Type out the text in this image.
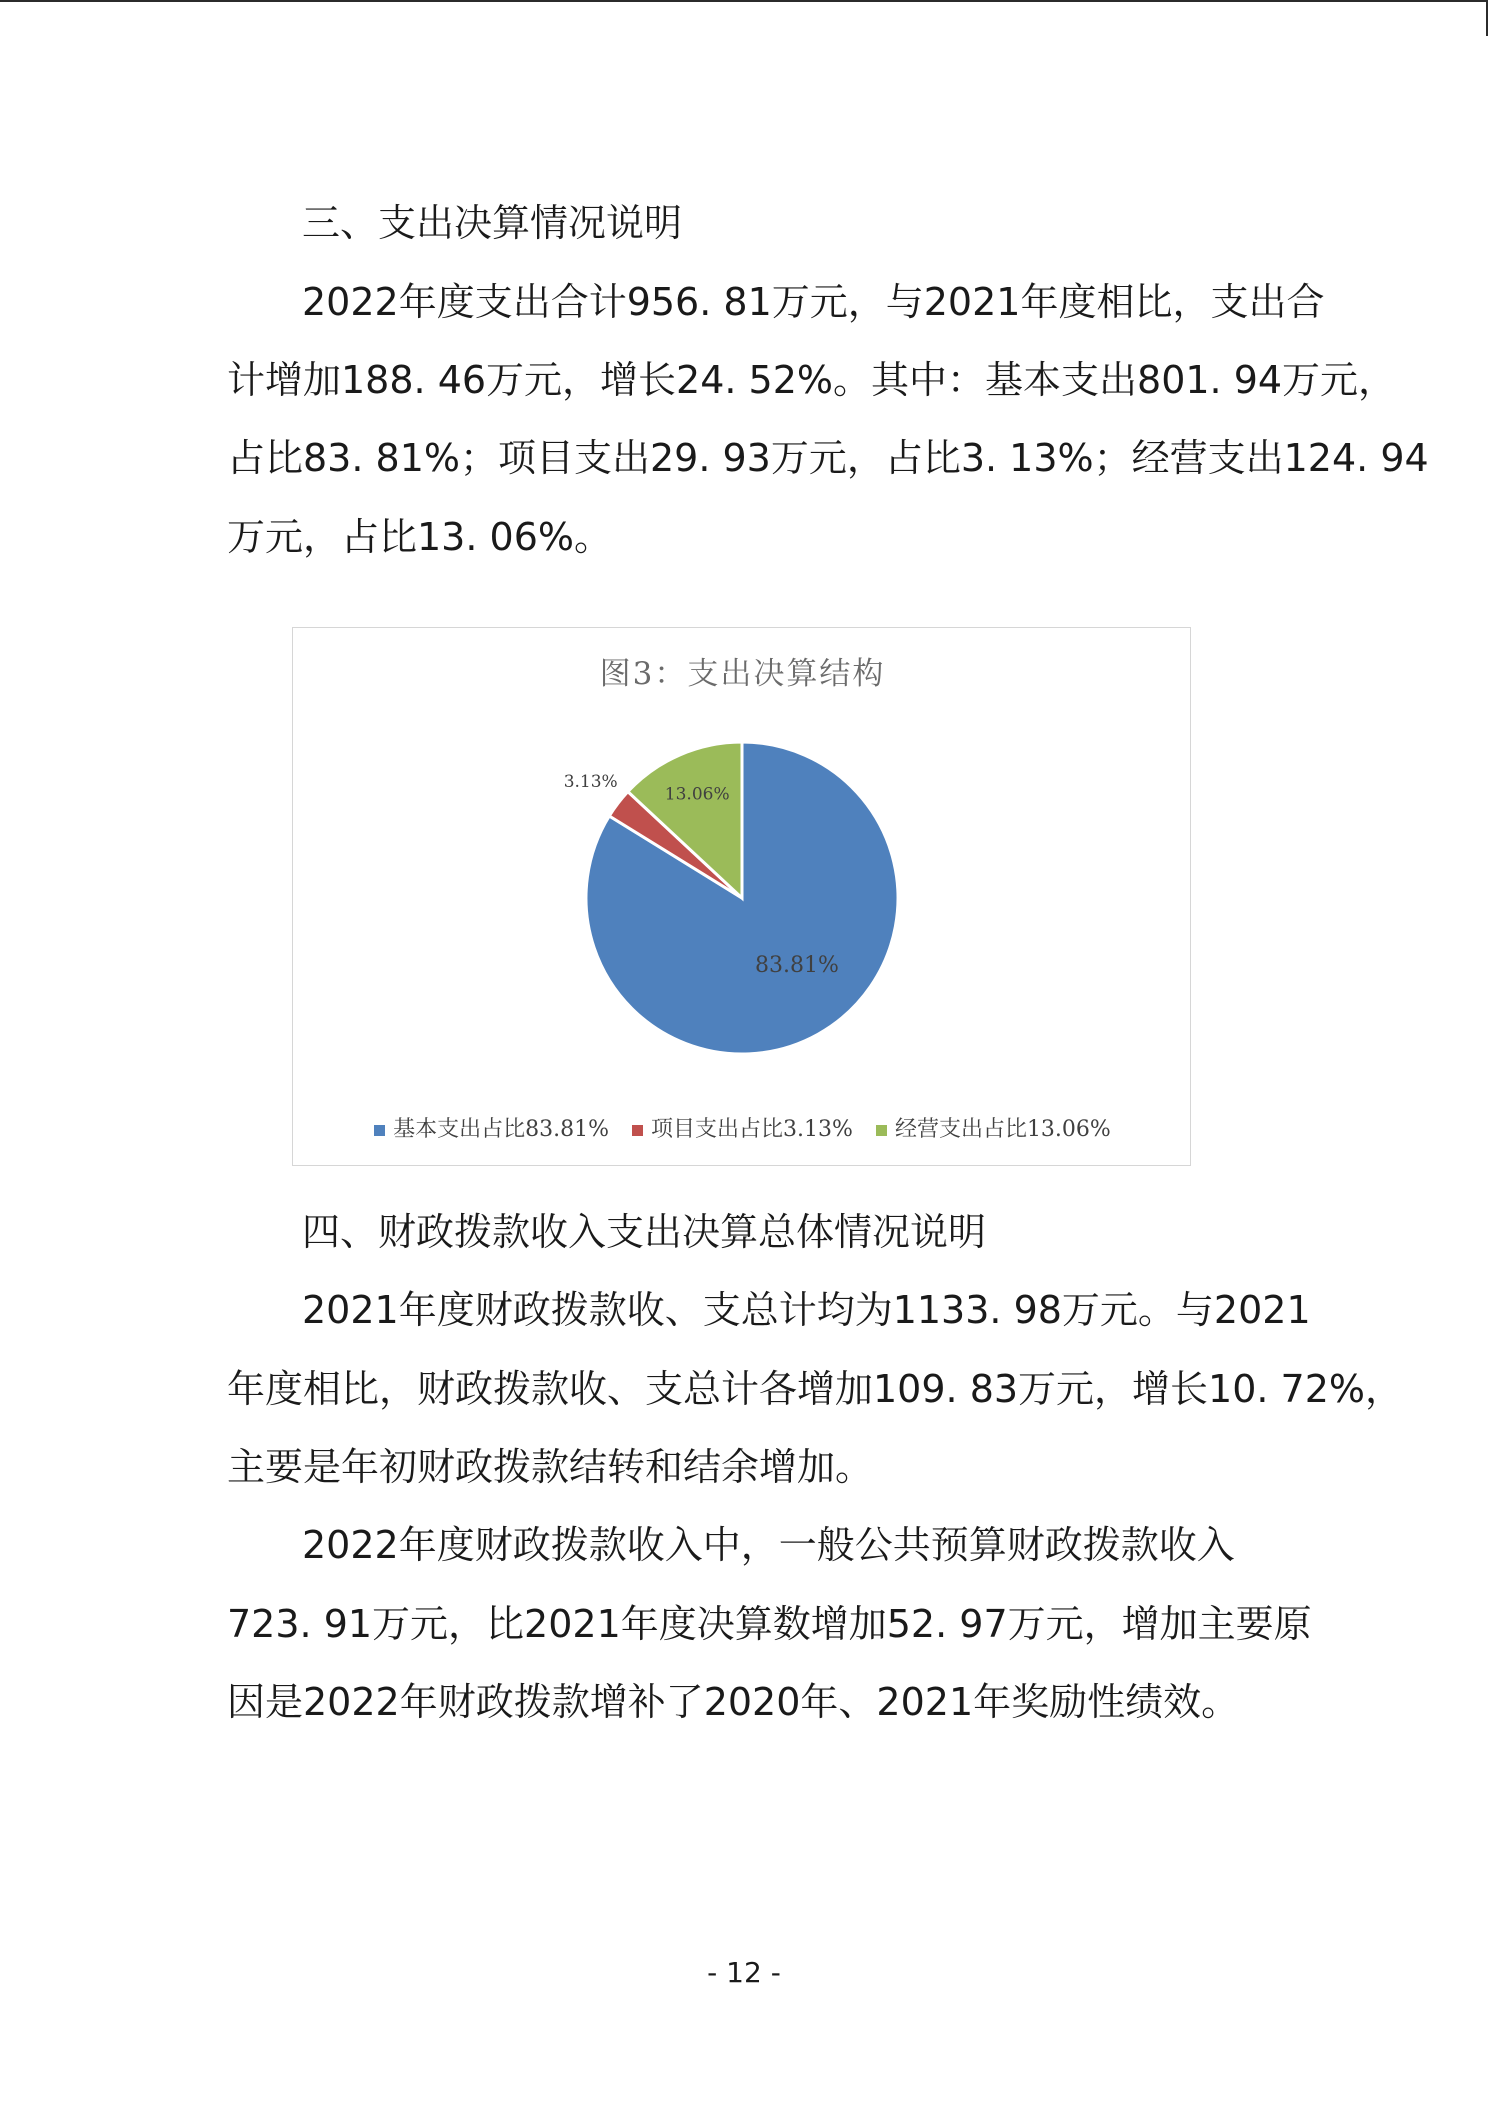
三、支出决算情况说明
2022年度支出合计956. 81万元，与2021年度相比，支出合
计增加188. 46万元，增长24. 52%。其中：基本支出801. 94万元，
占比83. 81%；项目支出29. 93万元，占比3. 13%；经营支出124. 94
万元，占比13. 06%。
图3：支出决算结构
83.81%
3.13%
13.06%
基本支出占比83.81% 项目支出占比3.13% 经营支出占比13.06%
四、财政拨款收入支出决算总体情况说明
2021年度财政拨款收、支总计均为1133. 98万元。与2021
年度相比，财政拨款收、支总计各增加109. 83万元，增长10. 72%，
主要是年初财政拨款结转和结余增加。
2022年度财政拨款收入中，一般公共预算财政拨款收入
723. 91万元，比2021年度决算数增加52. 97万元，增加主要原
因是2022年财政拨款增补了2020年、2021年奖励性绩效。
- 12 -
